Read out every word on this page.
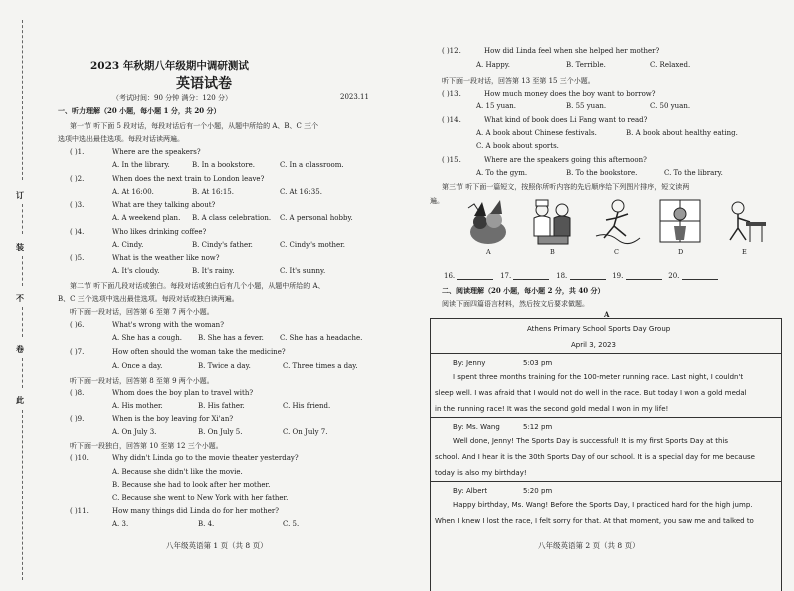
订
装
不
卷
此
2023 年秋期八年级期中调研测试
英语试卷
（考试时间：90 分钟 满分：120 分）	2023.11
一、听力理解（20 小题，每小题 1 分，共 20 分）
第一节 听下面 5 段对话，每段对话后有一个小题，从题中所给的 A、B、C 三个
选项中选出最佳选项。每段对话读两遍。
( )1.	Where are the speakers?
A. In the library.	B. In a bookstore.	C. In a classroom.
( )2.	When does the next train to London leave?
A. At 16:00.	B. At 16:15.	C. At 16:35.
( )3.	What are they talking about?
A. A weekend plan. B. A class celebration. C. A personal hobby.
( )4.	Who likes drinking coffee?
A. Cindy.	B. Cindy's father.	C. Cindy's mother.
( )5.	What is the weather like now?
A. It's cloudy.	B. It's rainy.	C. It's sunny.
第二节 听下面几段对话或独白。每段对话或独白后有几个小题，从题中所给的 A、
B、C 三个选项中选出最佳选项。每段对话或独白读两遍。
听下面一段对话，回答第 6 至第 7 两个小题。
( )6.	What's wrong with the woman?
A. She has a cough. B. She has a fever. C. She has a headache.
( )7.	How often should the woman take the medicine?
A. Once a day.	B. Twice a day.	C. Three times a day.
听下面一段对话，回答第 8 至第 9 两个小题。
( )8.	Whom does the boy plan to travel with?
A. His mother.	B. His father.	C. His friend.
( )9.	When is the boy leaving for Xi'an?
A. On July 3.	B. On July 5.	C. On July 7.
听下面一段独白，回答第 10 至第 12 三个小题。
( )10.	Why didn't Linda go to the movie theater yesterday?
A. Because she didn't like the movie.
B. Because she had to look after her mother.
C. Because she went to New York with her father.
( )11.	How many things did Linda do for her mother?
A. 3.	B. 4.	C. 5.
八年级英语第 1 页（共 8 页）
( )12.	How did Linda feel when she helped her mother?
A. Happy.	B. Terrible.	C. Relaxed.
听下面一段对话，回答第 13 至第 15 三个小题。
( )13.	How much money does the boy want to borrow?
A. 15 yuan.	B. 55 yuan.	C. 50 yuan.
( )14.	What kind of book does Li Fang want to read?
A. A book about Chinese festivals.	B. A book about healthy eating.
C. A book about sports.
( )15.	Where are the speakers going this afternoon?
A. To the gym.	B. To the bookstore.	C. To the library.
第三节 听下面一篇短文，按照你所听内容的先后顺序给下列图片排序，短文读两
遍。
A	B	C	D	E
16.	17.	18.	19.	20.
二、阅读理解（20 小题，每小题 2 分，共 40 分）
阅读下面四篇语言材料，然后按文后要求做题。
A
Athens Primary School Sports Day Group
April 3, 2023
By: Jenny	5:03 pm
I spent three months training for the 100-meter running race. Last night, I couldn't
sleep well. I was afraid that I would not do well in the race. But today I won a gold medal
in the running race! It was the second gold medal I won in my life!
By: Ms. Wang	5:12 pm
Well done, Jenny! The Sports Day is successful! It is my first Sports Day at this
school. And I hear it is the 30th Sports Day of our school. It is a special day for me because
today is also my birthday!
By: Albert	5:20 pm
Happy birthday, Ms. Wang! Before the Sports Day, I practiced hard for the high jump.
When I knew I lost the race, I felt sorry for that. At that moment, you saw me and talked to
八年级英语第 2 页（共 8 页）
